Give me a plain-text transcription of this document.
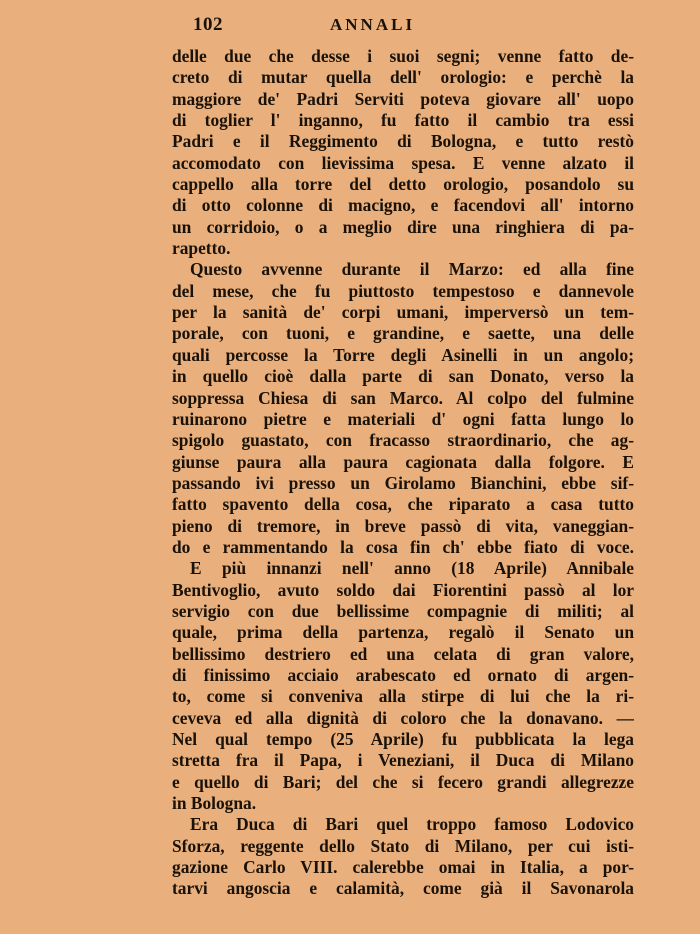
102	ANNALI
delle due che desse i suoi segni; venne fatto de-
creto di mutar quella dell' orologio: e perchè la
maggiore de' Padri Serviti poteva giovare all' uopo
di toglier l' inganno, fu fatto il cambio tra essi
Padri e il Reggimento di Bologna, e tutto restò
accomodato con lievissima spesa. E venne alzato il
cappello alla torre del detto orologio, posandolo su
di otto colonne di macigno, e facendovi all' intorno
un corridoio, o a meglio dire una ringhiera di pa-
rapetto.
Questo avvenne durante il Marzo: ed alla fine
del mese, che fu piuttosto tempestoso e dannevole
per la sanità de' corpi umani, imperversò un tem-
porale, con tuoni, e grandine, e saette, una delle
quali percosse la Torre degli Asinelli in un angolo;
in quello cioè dalla parte di san Donato, verso la
soppressa Chiesa di san Marco. Al colpo del fulmine
ruinarono pietre e materiali d' ogni fatta lungo lo
spigolo guastato, con fracasso straordinario, che ag-
giunse paura alla paura cagionata dalla folgore. E
passando ivi presso un Girolamo Bianchini, ebbe sif-
fatto spavento della cosa, che riparato a casa tutto
pieno di tremore, in breve passò di vita, vaneggian-
do e rammentando la cosa fin ch' ebbe fiato di voce.
E più innanzi nell' anno (18 Aprile) Annibale
Bentivoglio, avuto soldo dai Fiorentini passò al lor
servigio con due bellissime compagnie di militi; al
quale, prima della partenza, regalò il Senato un
bellissimo destriero ed una celata di gran valore,
di finissimo acciaio arabescato ed ornato di argen-
to, come si conveniva alla stirpe di lui che la ri-
ceveva ed alla dignità di coloro che la donavano. —
Nel qual tempo (25 Aprile) fu pubblicata la lega
stretta fra il Papa, i Veneziani, il Duca di Milano
e quello di Bari; del che si fecero grandi allegrezze
in Bologna.
Era Duca di Bari quel troppo famoso Lodovico
Sforza, reggente dello Stato di Milano, per cui isti-
gazione Carlo VIII. calerebbe omai in Italia, a por-
tarvi angoscia e calamità, come già il Savonarola
